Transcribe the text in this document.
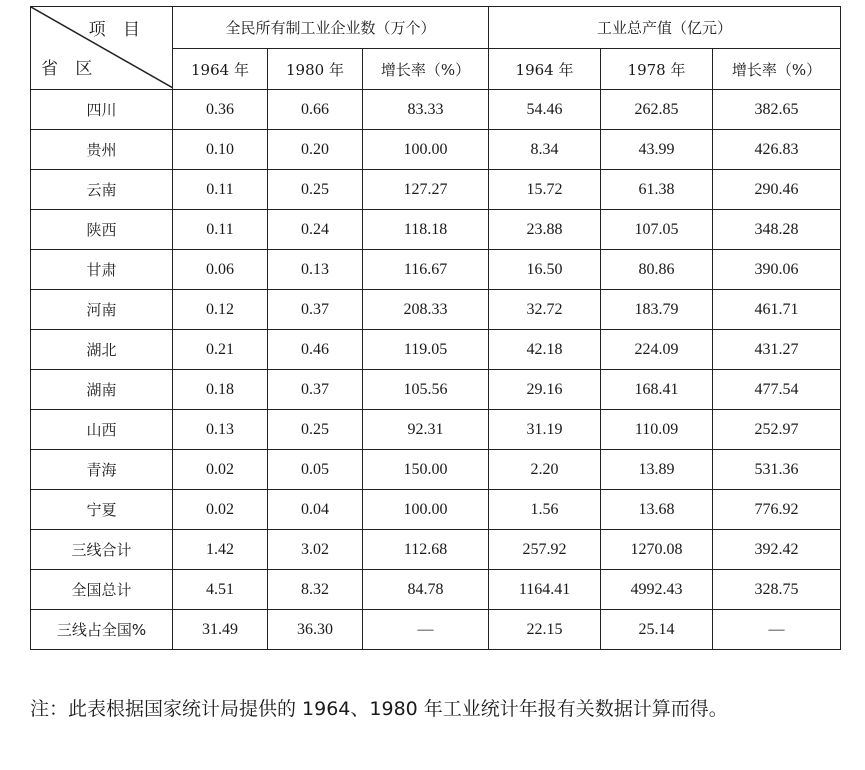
项 目
省 区	全民所有制工业企业数（万个）			工业总产值（亿元）		
	1964 年	1980 年	增长率（%）	1964 年	1978 年	增长率（%）
四川	0.36	0.66	83.33	54.46	262.85	382.65
贵州	0.10	0.20	100.00	8.34	43.99	426.83
云南	0.11	0.25	127.27	15.72	61.38	290.46
陕西	0.11	0.24	118.18	23.88	107.05	348.28
甘肃	0.06	0.13	116.67	16.50	80.86	390.06
河南	0.12	0.37	208.33	32.72	183.79	461.71
湖北	0.21	0.46	119.05	42.18	224.09	431.27
湖南	0.18	0.37	105.56	29.16	168.41	477.54
山西	0.13	0.25	92.31	31.19	110.09	252.97
青海	0.02	0.05	150.00	2.20	13.89	531.36
宁夏	0.02	0.04	100.00	1.56	13.68	776.92
三线合计	1.42	3.02	112.68	257.92	1270.08	392.42
全国总计	4.51	8.32	84.78	1164.41	4992.43	328.75
三线占全国%	31.49	36.30	—	22.15	25.14	—
注：此表根据国家统计局提供的 1964、1980 年工业统计年报有关数据计算而得。
